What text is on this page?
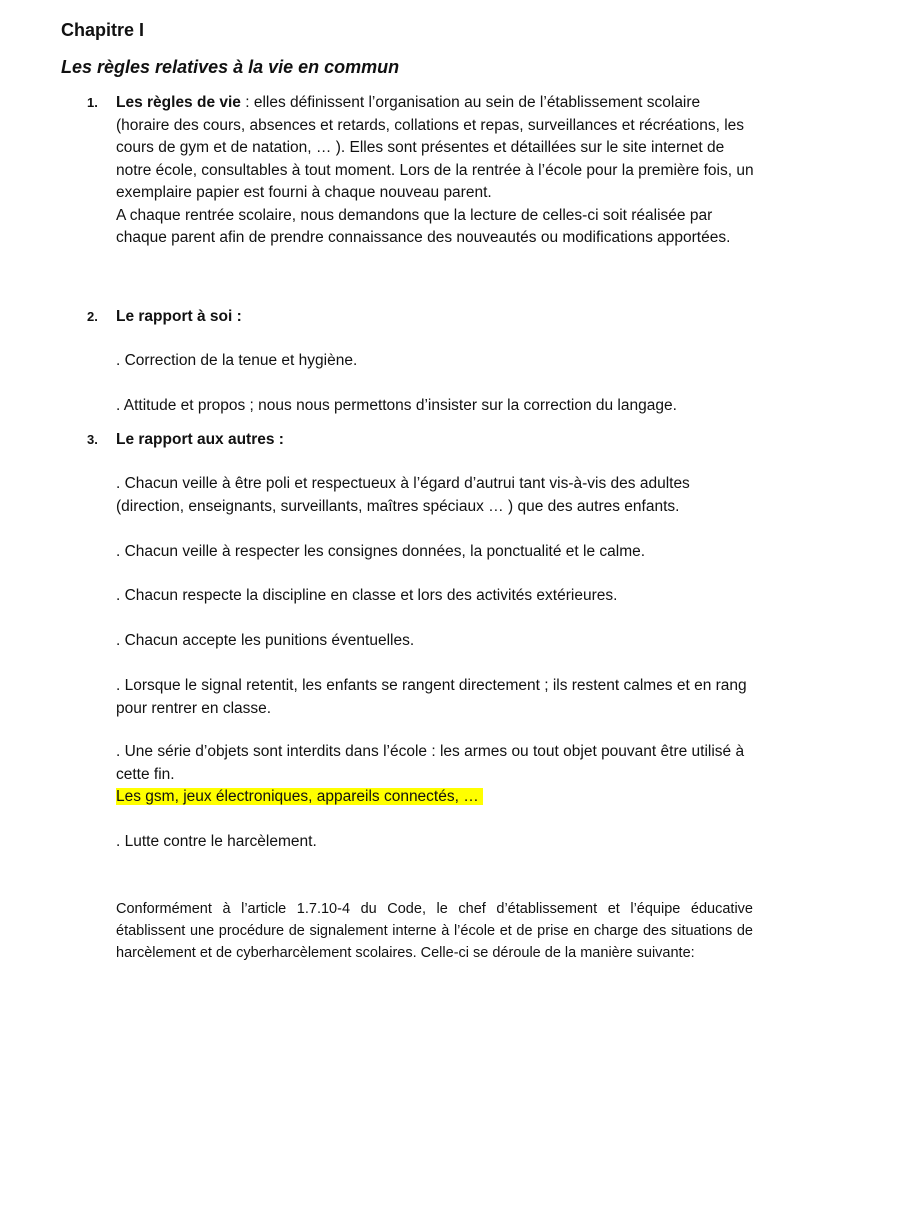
Chapitre I
Les règles relatives à la vie en commun
1. Les règles de vie : elles définissent l’organisation au sein de l’établissement scolaire (horaire des cours, absences et retards, collations et repas, surveillances et récréations, les cours de gym et de natation, … ). Elles sont présentes et détaillées sur le site internet de notre école, consultables à tout moment. Lors de la rentrée à l’école pour la première fois, un exemplaire papier est fourni à chaque nouveau parent.
A chaque rentrée scolaire, nous demandons que la lecture de celles-ci soit réalisée par chaque parent afin de prendre connaissance des nouveautés ou modifications apportées.
2. Le rapport à soi :

. Correction de la tenue et hygiène.

. Attitude et propos ; nous nous permettons d’insister sur la correction du langage.

3. Le rapport aux autres :

. Chacun veille à être poli et respectueux à l’égard d’autrui tant vis-à-vis des adultes (direction, enseignants, surveillants, maîtres spéciaux … ) que des autres enfants.

. Chacun veille à respecter les consignes données, la ponctualité et le calme.

. Chacun respecte la discipline en classe et lors des activités extérieures.

. Chacun accepte les punitions éventuelles.

. Lorsque le signal retentit, les enfants se rangent directement ; ils restent calmes et en rang pour rentrer en classe.

. Une série d’objets sont interdits dans l’école : les armes ou tout objet pouvant être utilisé à cette fin.

Les gsm, jeux électroniques, appareils connectés, …

. Lutte contre le harcèlement.

Conformément à l’article 1.7.10-4 du Code, le chef d’établissement et l’équipe éducative établissent une procédure de signalement interne à l’école et de prise en charge des situations de harcèlement et de cyberharcèlement scolaires. Celle-ci se déroule de la manière suivante:
